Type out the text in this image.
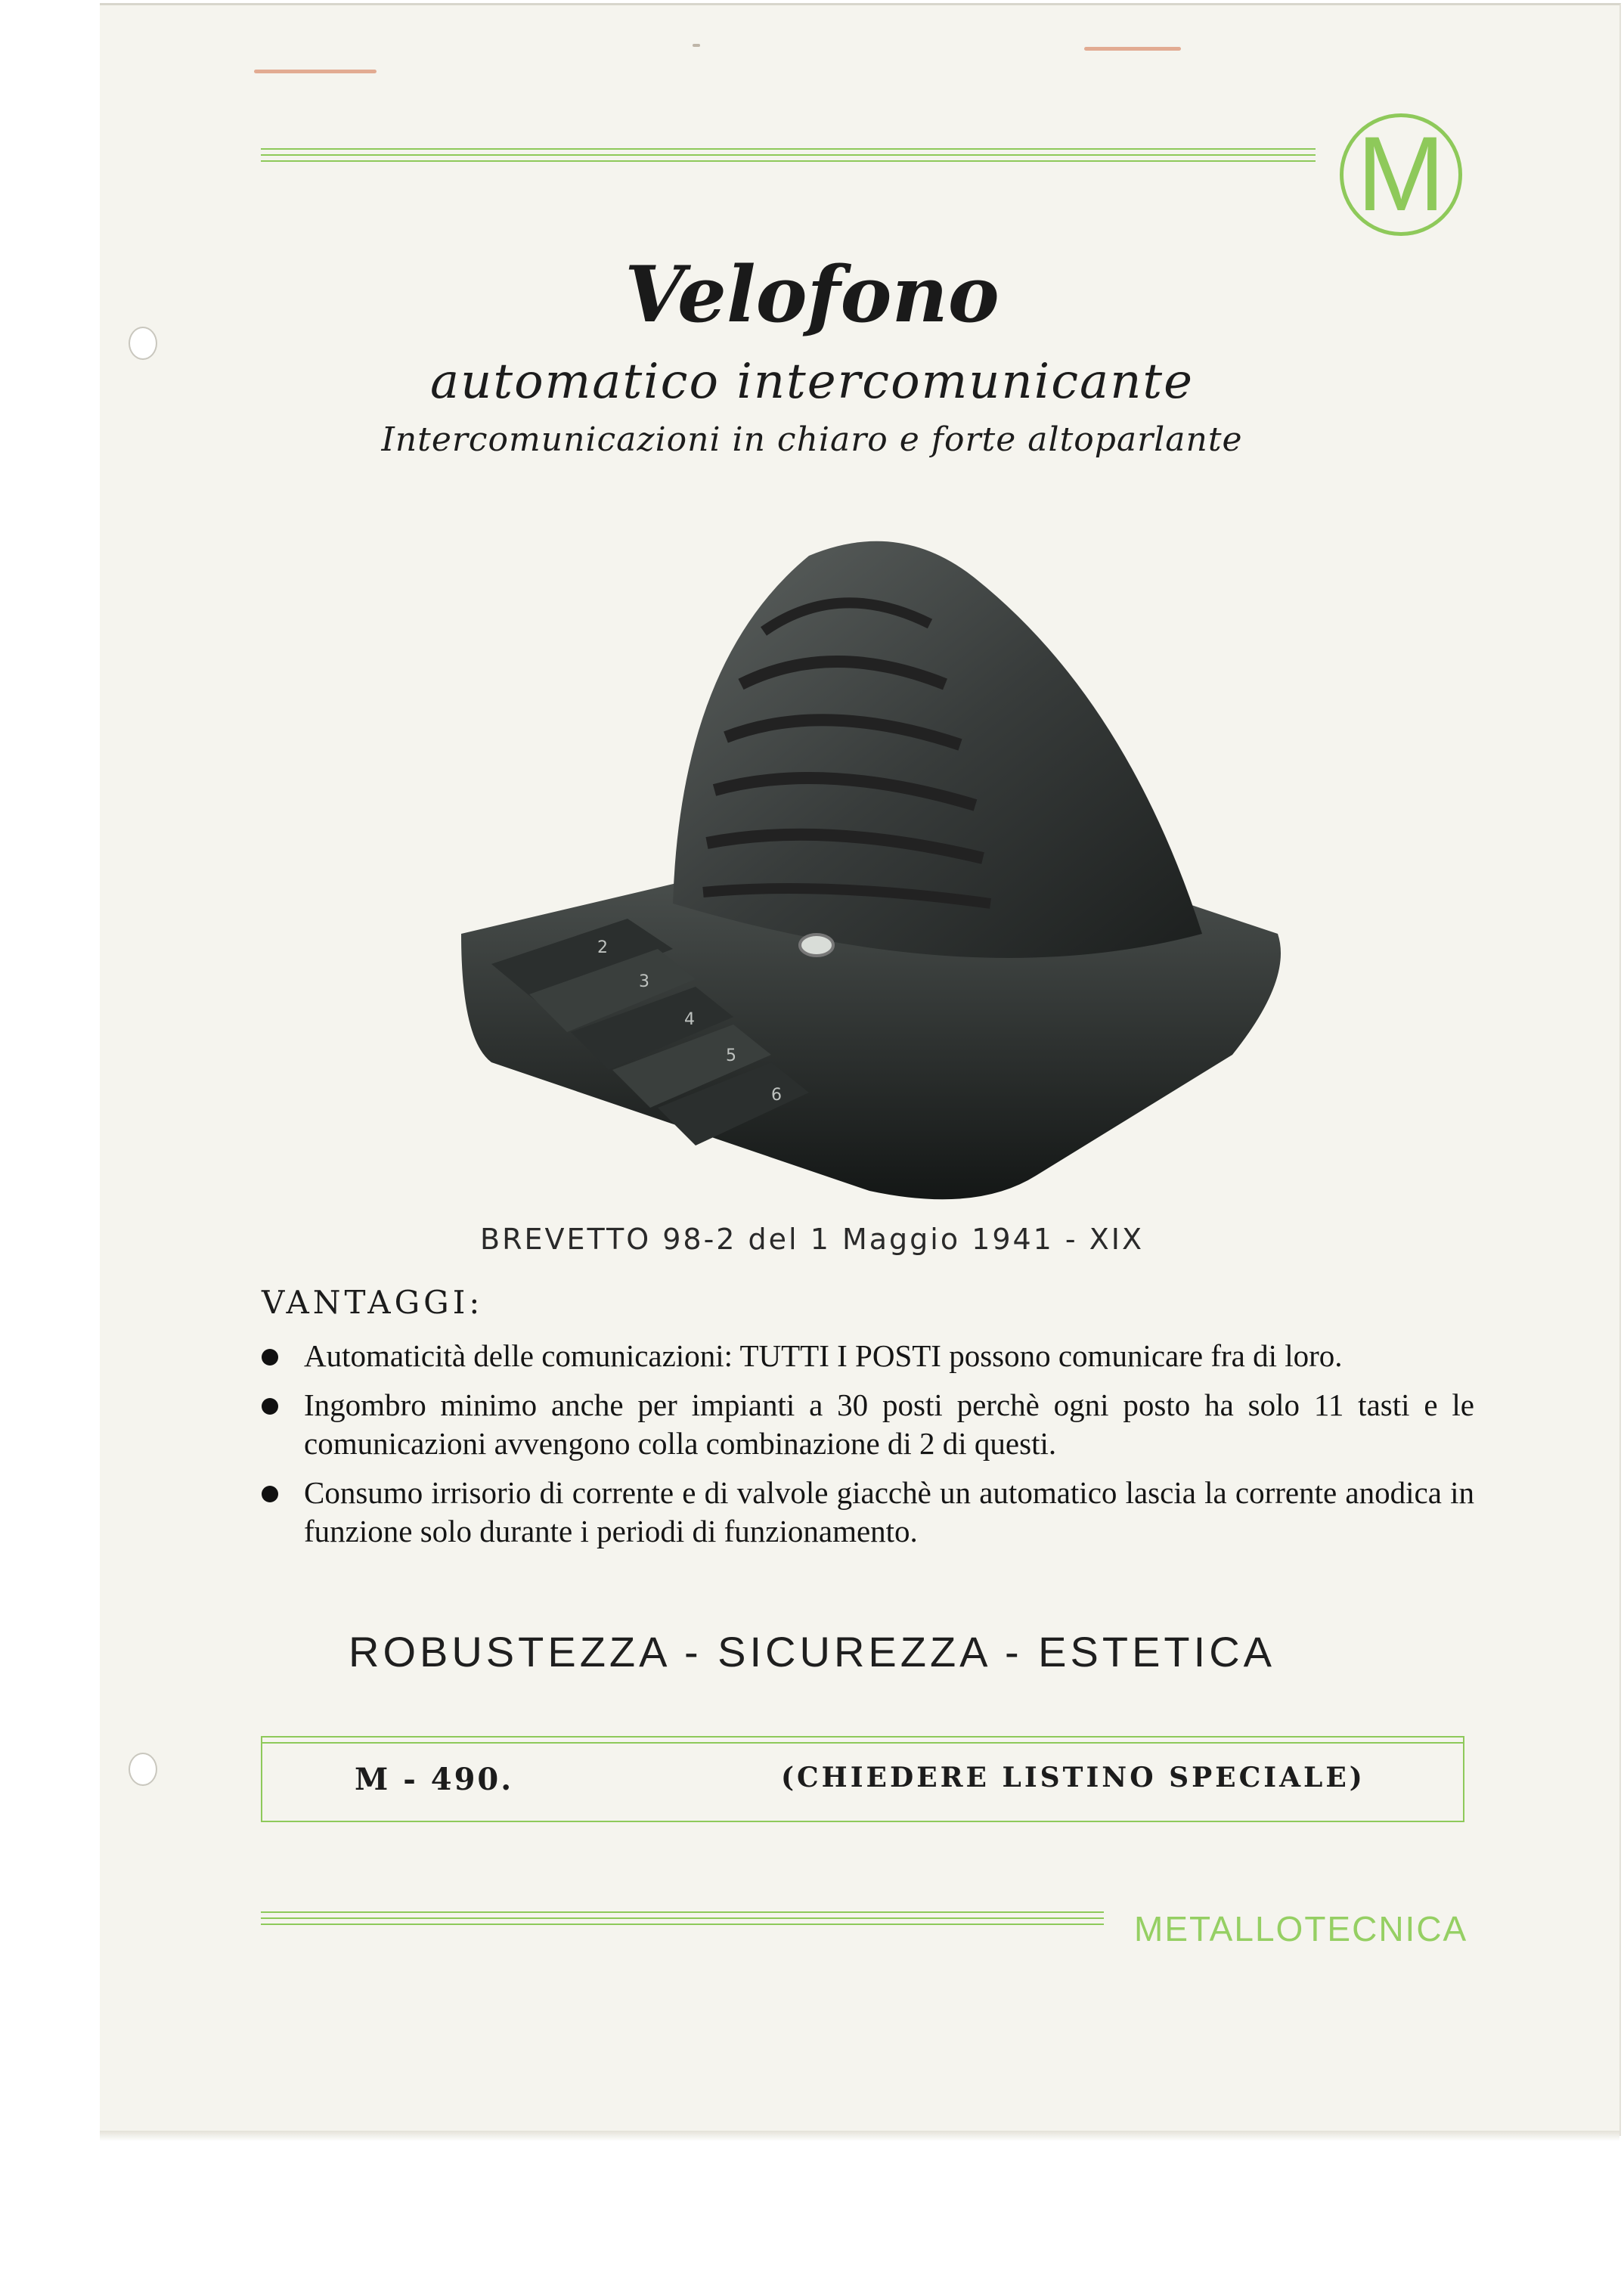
M
Velofono
automatico intercomunicante
Intercomunicazioni in chiaro e forte altoparlante
2
3
4
5
6
BREVETTO 98-2 del 1 Maggio 1941 - XIX
VANTAGGI:
Automaticità delle comunicazioni: TUTTI I POSTI possono comunicare fra di loro.
Ingombro minimo anche per impianti a 30 posti perchè ogni posto ha solo 11 tasti e le comunicazioni avvengono colla combinazione di 2 di questi.
Consumo irrisorio di corrente e di valvole giacchè un automatico lascia la corrente anodica in funzione solo durante i periodi di funzionamento.
ROBUSTEZZA - SICUREZZA - ESTETICA
M - 490.	(CHIEDERE LISTINO SPECIALE)
METALLOTECNICA
